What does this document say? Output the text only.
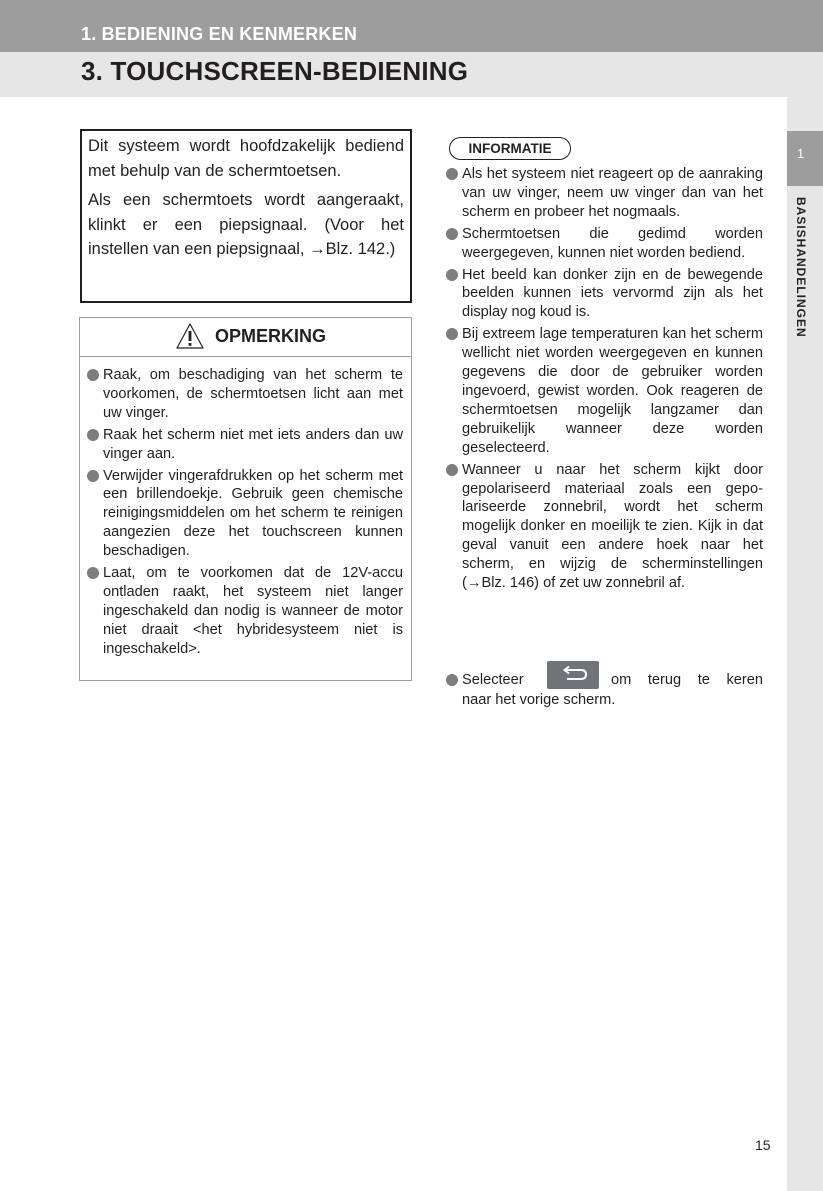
1. BEDIENING EN KENMERKEN
3. TOUCHSCREEN-BEDIENING
1
BASISHANDELINGEN

Dit systeem wordt hoofdzakelijk bediend met behulp van de schermtoetsen.

Als een schermtoets wordt aangeraakt, klinkt er een piepsignaal. (Voor het instellen van een piepsignaal, →Blz. 142.)

OPMERKING
Raak, om beschadiging van het scherm te voorkomen, de schermtoetsen licht aan met uw vinger.
Raak het scherm niet met iets anders dan uw vinger aan.
Verwijder vingerafdrukken op het scherm met een brillendoekje. Gebruik geen chemische reinigingsmiddelen om het scherm te reinigen aangezien deze het touchscreen kunnen beschadigen.
Laat, om te voorkomen dat de 12V-accu ontladen raakt, het systeem niet langer ingeschakeld dan nodig is wanneer de motor niet draait <het hybridesysteem niet is ingeschakeld>.
INFORMATIE
Als het systeem niet reageert op de aanraking van uw vinger, neem uw vinger dan van het scherm en probeer het nogmaals.
Schermtoetsen die gedimd worden weergegeven, kunnen niet worden bediend.
Het beeld kan donker zijn en de bewegende beelden kunnen iets vervormd zijn als het display nog koud is.
Bij extreem lage temperaturen kan het scherm wellicht niet worden weergegeven en kunnen gegevens die door de gebruiker worden ingevoerd, gewist worden. Ook reageren de schermtoetsen mogelijk langzamer dan gebruikelijk wanneer deze worden geselecteerd.
Wanneer u naar het scherm kijkt door gepolariseerd materiaal zoals een gepolariseerde zonnebril, wordt het scherm mogelijk donker en moeilijk te zien. Kijk in dat geval vanuit een andere hoek naar het scherm, en wijzig de scherminstellingen (→Blz. 146) of zet uw zonnebril af.
Selecteer	om terug te keren
naar het vorige scherm.
15
